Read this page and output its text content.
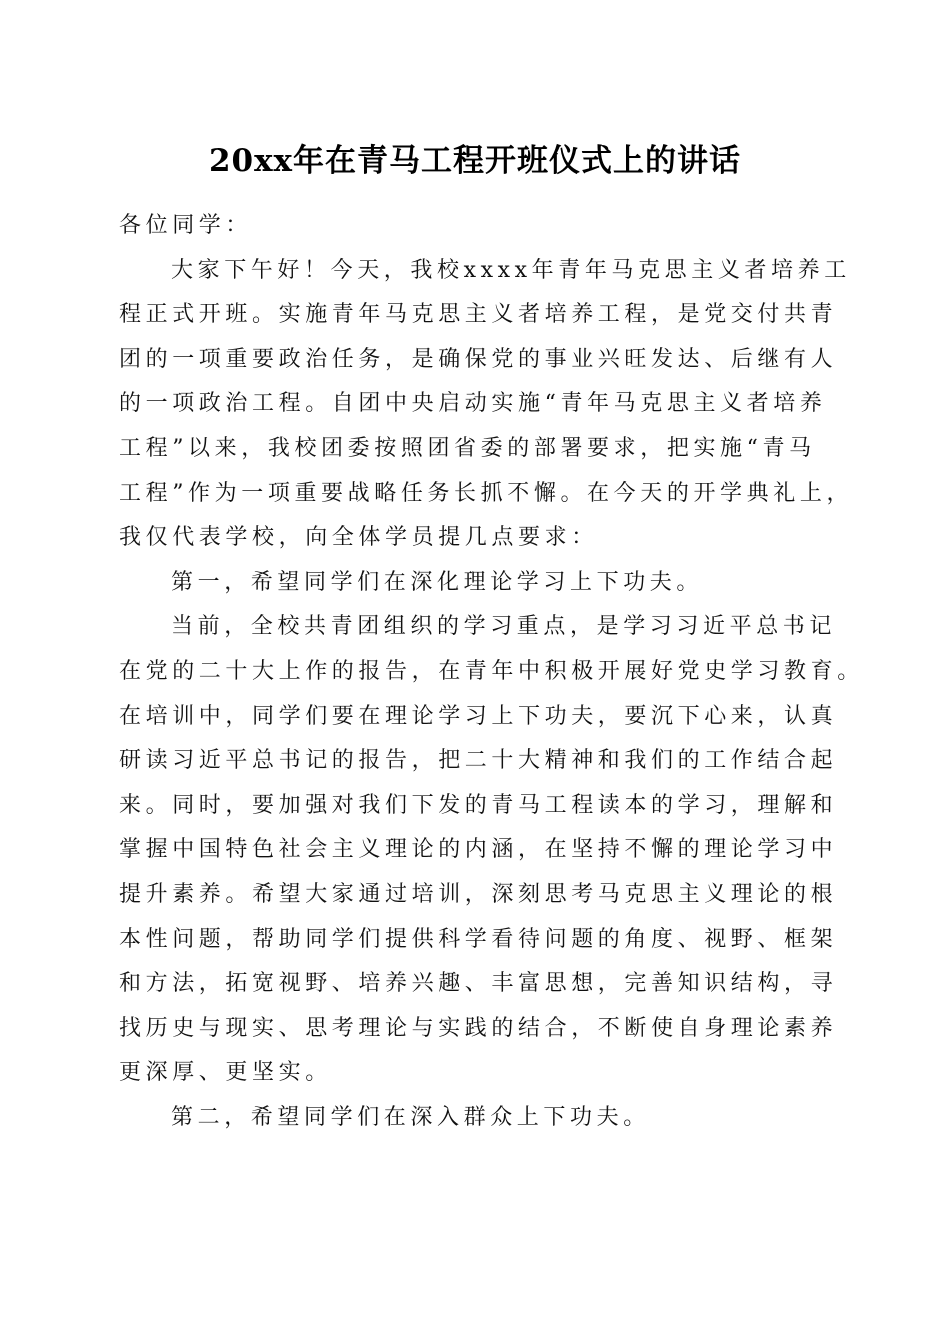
20xx年在青马工程开班仪式上的讲话
各位同学：
大家下午好！今天，我校xxxx年青年马克思主义者培养工
程正式开班。实施青年马克思主义者培养工程，是党交付共青
团的一项重要政治任务，是确保党的事业兴旺发达、后继有人
的一项政治工程。自团中央启动实施“青年马克思主义者培养
工程”以来，我校团委按照团省委的部署要求，把实施“青马
工程”作为一项重要战略任务长抓不懈。在今天的开学典礼上，
我仅代表学校，向全体学员提几点要求：
第一，希望同学们在深化理论学习上下功夫。
当前，全校共青团组织的学习重点，是学习习近平总书记
在党的二十大上作的报告，在青年中积极开展好党史学习教育。
在培训中，同学们要在理论学习上下功夫，要沉下心来，认真
研读习近平总书记的报告，把二十大精神和我们的工作结合起
来。同时，要加强对我们下发的青马工程读本的学习，理解和
掌握中国特色社会主义理论的内涵，在坚持不懈的理论学习中
提升素养。希望大家通过培训，深刻思考马克思主义理论的根
本性问题，帮助同学们提供科学看待问题的角度、视野、框架
和方法，拓宽视野、培养兴趣、丰富思想，完善知识结构，寻
找历史与现实、思考理论与实践的结合，不断使自身理论素养
更深厚、更坚实。
第二，希望同学们在深入群众上下功夫。
